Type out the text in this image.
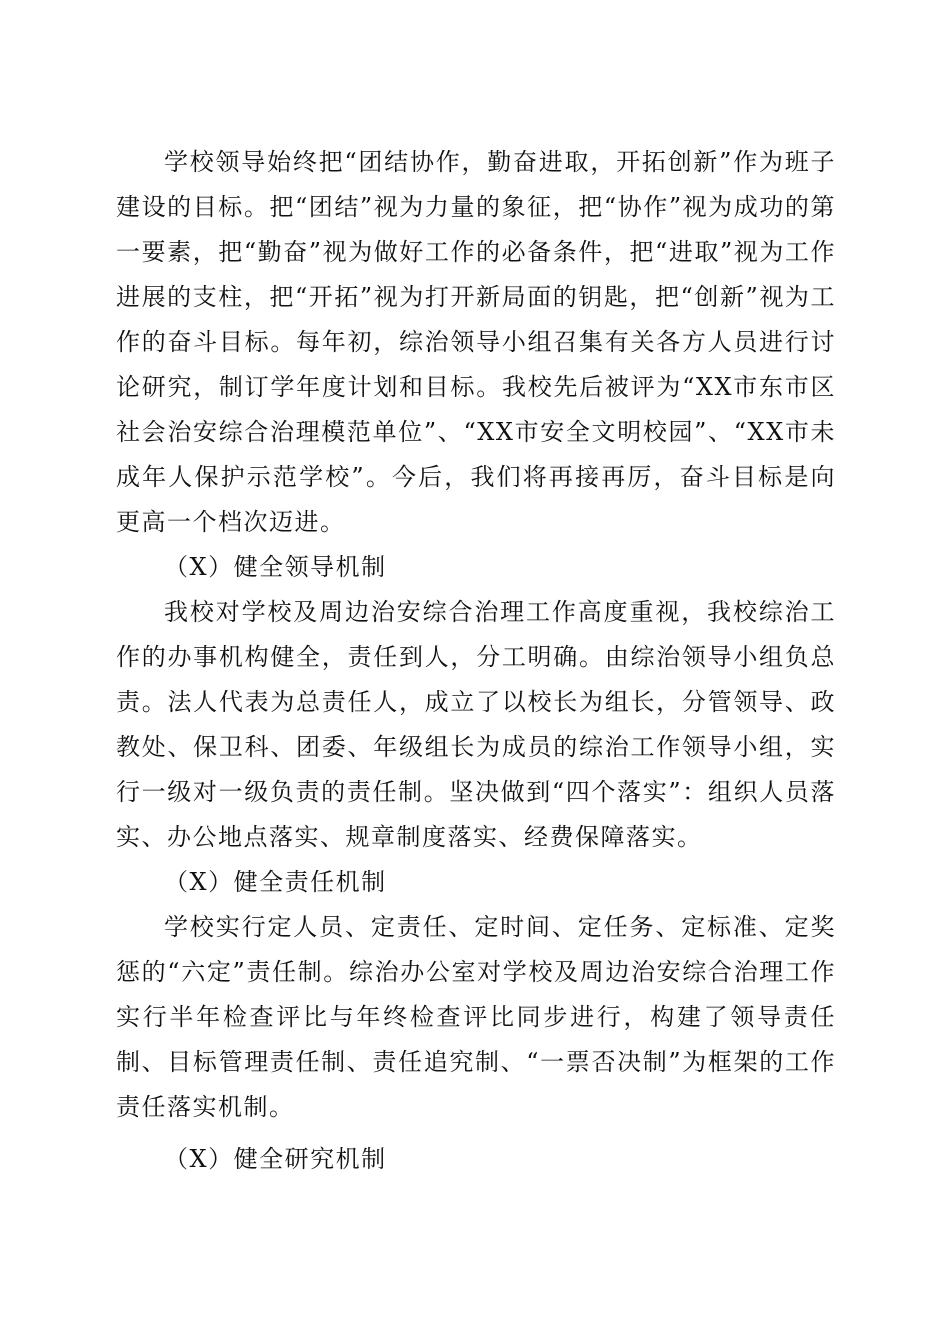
学校领导始终把“团结协作，勤奋进取，开拓创新”作为班子建设的目标。把“团结”视为力量的象征，把“协作”视为成功的第一要素，把“勤奋”视为做好工作的必备条件，把“进取”视为工作进展的支柱，把“开拓”视为打开新局面的钥匙，把“创新”视为工作的奋斗目标。每年初，综治领导小组召集有关各方人员进行讨论研究，制订学年度计划和目标。我校先后被评为“XX市东市区社会治安综合治理模范单位”、“XX市安全文明校园”、“XX市未成年人保护示范学校”。今后，我们将再接再厉，奋斗目标是向更高一个档次迈进。

（X）健全领导机制

我校对学校及周边治安综合治理工作高度重视，我校综治工作的办事机构健全，责任到人，分工明确。由综治领导小组负总责。法人代表为总责任人，成立了以校长为组长，分管领导、政教处、保卫科、团委、年级组长为成员的综治工作领导小组，实行一级对一级负责的责任制。坚决做到“四个落实”：组织人员落实、办公地点落实、规章制度落实、经费保障落实。

（X）健全责任机制

学校实行定人员、定责任、定时间、定任务、定标准、定奖惩的“六定”责任制。综治办公室对学校及周边治安综合治理工作实行半年检查评比与年终检查评比同步进行，构建了领导责任制、目标管理责任制、责任追究制、“一票否决制”为框架的工作责任落实机制。

（X）健全研究机制
